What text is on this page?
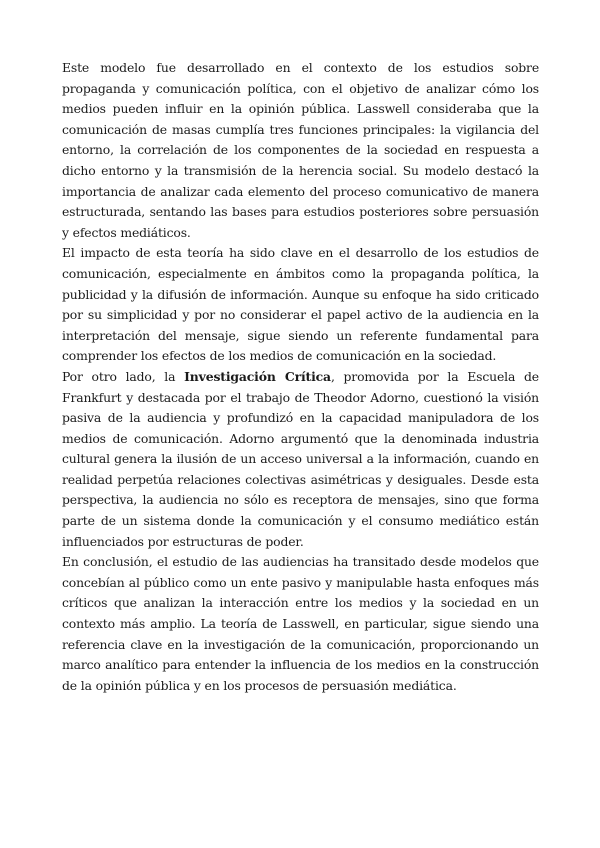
Este modelo fue desarrollado en el contexto de los estudios sobre propaganda y comunicación política, con el objetivo de analizar cómo los medios pueden influir en la opinión pública. Lasswell consideraba que la comunicación de masas cumplía tres funciones principales: la vigilancia del entorno, la correlación de los componentes de la sociedad en respuesta a dicho entorno y la transmisión de la herencia social. Su modelo destacó la importancia de analizar cada elemento del proceso comunicativo de manera estructurada, sentando las bases para estudios posteriores sobre persuasión y efectos mediáticos.

El impacto de esta teoría ha sido clave en el desarrollo de los estudios de comunicación, especialmente en ámbitos como la propaganda política, la publicidad y la difusión de información. Aunque su enfoque ha sido criticado por su simplicidad y por no considerar el papel activo de la audiencia en la interpretación del mensaje, sigue siendo un referente fundamental para comprender los efectos de los medios de comunicación en la sociedad.

Por otro lado, la Investigación Crítica, promovida por la Escuela de Frankfurt y destacada por el trabajo de Theodor Adorno, cuestionó la visión pasiva de la audiencia y profundizó en la capacidad manipuladora de los medios de comunicación. Adorno argumentó que la denominada industria cultural genera la ilusión de un acceso universal a la información, cuando en realidad perpetúa relaciones colectivas asimétricas y desiguales. Desde esta perspectiva, la audiencia no sólo es receptora de mensajes, sino que forma parte de un sistema donde la comunicación y el consumo mediático están influenciados por estructuras de poder.

En conclusión, el estudio de las audiencias ha transitado desde modelos que concebían al público como un ente pasivo y manipulable hasta enfoques más críticos que analizan la interacción entre los medios y la sociedad en un contexto más amplio. La teoría de Lasswell, en particular, sigue siendo una referencia clave en la investigación de la comunicación, proporcionando un marco analítico para entender la influencia de los medios en la construcción de la opinión pública y en los procesos de persuasión mediática.
